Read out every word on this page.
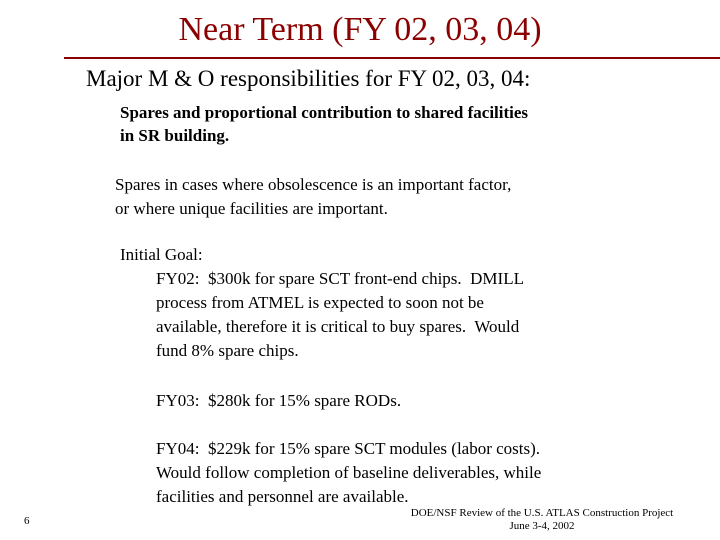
Near Term (FY 02, 03, 04)
Major M & O responsibilities for FY 02, 03, 04:
Spares and proportional contribution to shared facilities
in SR building.
Spares in cases where obsolescence is an important factor,
or where unique facilities are important.
Initial Goal:
FY02:  $300k for spare SCT front-end chips.  DMILL
process from ATMEL is expected to soon not be
available, therefore it is critical to buy spares.  Would
fund 8% spare chips.
FY03:  $280k for 15% spare RODs.
FY04:  $229k for 15% spare SCT modules (labor costs).
Would follow completion of baseline deliverables, while
facilities and personnel are available.
6
DOE/NSF Review of the U.S. ATLAS Construction Project
June 3-4, 2002
